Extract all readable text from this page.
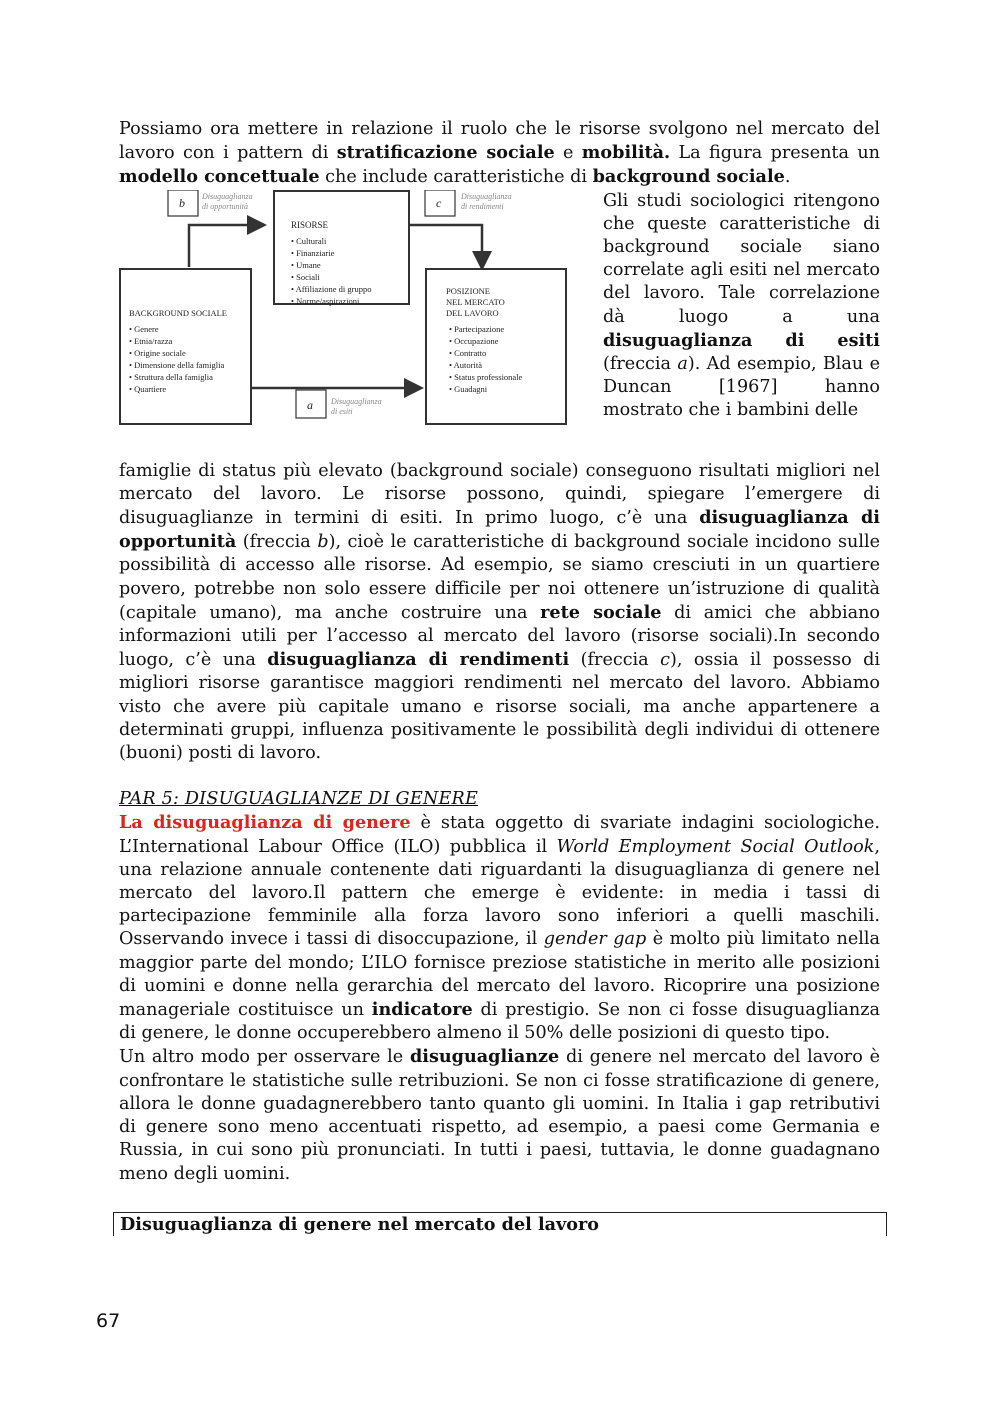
Possiamo ora mettere in relazione il ruolo che le risorse svolgono nel mercato del lavoro con i pattern di stratificazione sociale e mobilità. La figura presenta un modello concettuale che include caratteristiche di background sociale.

b Disuguaglianza
di opportunità	c Disuguaglianza
di rendimenti
RISORSE
• Culturali
• Finanziarie
• Umane
• Sociali
• Affiliazione di gruppo
• Norme/aspirazioni
BACKGROUND SOCIALE
• Genere
• Etnia/razza
• Origine sociale
• Dimensione della famiglia
• Struttura della famiglia
• Quartiere
POSIZIONE
NEL MERCATO
DEL LAVORO
• Partecipazione
• Occupazione
• Contratto
• Autorità
• Status professionale
• Guadagni
a Disuguaglianza
di esiti

Gli studi sociologici ritengono che queste caratteristiche di background sociale siano correlate agli esiti nel mercato del lavoro. Tale correlazione dà luogo a una disuguaglianza di esiti (freccia a). Ad esempio, Blau e Duncan [1967] hanno mostrato che i bambini delle

famiglie di status più elevato (background sociale) conseguono risultati migliori nel mercato del lavoro. Le risorse possono, quindi, spiegare l’emergere di disuguaglianze in termini di esiti. In primo luogo, c’è una disuguaglianza di opportunità (freccia b), cioè le caratteristiche di background sociale incidono sulle possibilità di accesso alle risorse. Ad esempio, se siamo cresciuti in un quartiere povero, potrebbe non solo essere difficile per noi ottenere un’istruzione di qualità (capitale umano), ma anche costruire una rete sociale di amici che abbiano informazioni utili per l’accesso al mercato del lavoro (risorse sociali).In secondo luogo, c’è una disuguaglianza di rendimenti (freccia c), ossia il possesso di migliori risorse garantisce maggiori rendimenti nel mercato del lavoro. Abbiamo visto che avere più capitale umano e risorse sociali, ma anche appartenere a determinati gruppi, influenza positivamente le possibilità degli individui di ottenere (buoni) posti di lavoro.

PAR 5: DISUGUAGLIANZE DI GENERE

La disuguaglianza di genere è stata oggetto di svariate indagini sociologiche. L’International Labour Office (ILO) pubblica il World Employment Social Outlook, una relazione annuale contenente dati riguardanti la disuguaglianza di genere nel mercato del lavoro.Il pattern che emerge è evidente: in media i tassi di partecipazione femminile alla forza lavoro sono inferiori a quelli maschili. Osservando invece i tassi di disoccupazione, il gender gap è molto più limitato nella maggior parte del mondo; L’ILO fornisce preziose statistiche in merito alle posizioni di uomini e donne nella gerarchia del mercato del lavoro. Ricoprire una posizione manageriale costituisce un indicatore di prestigio. Se non ci fosse disuguaglianza di genere, le donne occuperebbero almeno il 50% delle posizioni di questo tipo.

Un altro modo per osservare le disuguaglianze di genere nel mercato del lavoro è confrontare le statistiche sulle retribuzioni. Se non ci fosse stratificazione di genere, allora le donne guadagnerebbero tanto quanto gli uomini. In Italia i gap retributivi di genere sono meno accentuati rispetto, ad esempio, a paesi come Germania e Russia, in cui sono più pronunciati. In tutti i paesi, tuttavia, le donne guadagnano meno degli uomini.

Disuguaglianza di genere nel mercato del lavoro
67
